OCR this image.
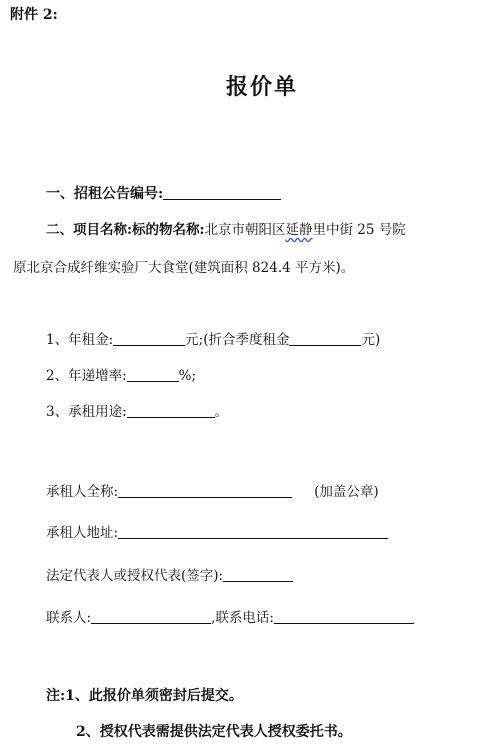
附件 2:
报价单
一、招租公告编号:
二、项目名称:标的物名称:北京市朝阳区延静里中街 25 号院
原北京合成纤维实验厂大食堂(建筑面积 824.4 平方米)。
1、年租金:	元;(折合季度租金	元)
2、年递增率:	%;
3、承租用途:	。
承租人全称:	(加盖公章)
承租人地址:
法定代表人或授权代表(签字):
联系人:	,联系电话:
注:1、此报价单须密封后提交。
2、授权代表需提供法定代表人授权委托书。
